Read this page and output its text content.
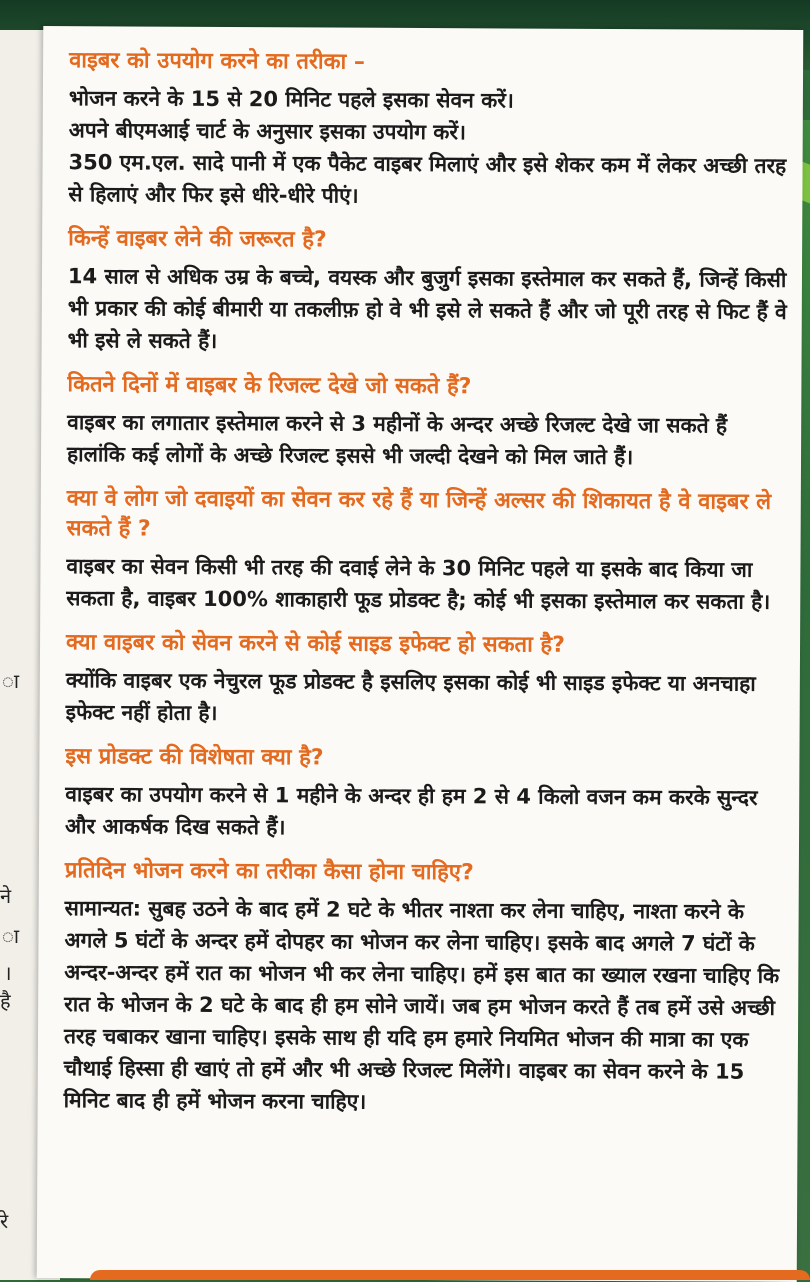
ा
ने
ा
।
है
रे

वाइबर को उपयोग करने का तरीका –

भोजन करने के 15 से 20 मिनिट पहले इसका सेवन करें।

अपने बीएमआई चार्ट के अनुसार इसका उपयोग करें।

350 एम.एल. सादे पानी में एक पैकेट वाइबर मिलाएं और इसे शेकर कम में लेकर अच्छी तरह से हिलाएं और फिर इसे धीरे-धीरे पीएं।

किन्हें वाइबर लेने की जरूरत है?

14 साल से अधिक उम्र के बच्चे, वयस्क और बुजुर्ग इसका इस्तेमाल कर सकते हैं, जिन्हें किसी भी प्रकार की कोई बीमारी या तकलीफ़ हो वे भी इसे ले सकते हैं और जो पूरी तरह से फिट हैं वे भी इसे ले सकते हैं।

कितने दिनों में वाइबर के रिजल्ट देखे जो सकते हैं?

वाइबर का लगातार इस्तेमाल करने से 3 महीनों के अन्दर अच्छे रिजल्ट देखे जा सकते हैं हालांकि कई लोगों के अच्छे रिजल्ट इससे भी जल्दी देखने को मिल जाते हैं।

क्या वे लोग जो दवाइयों का सेवन कर रहे हैं या जिन्हें अल्सर की शिकायत है वे वाइबर ले सकते हैं ?

वाइबर का सेवन किसी भी तरह की दवाई लेने के 30 मिनिट पहले या इसके बाद किया जा सकता है, वाइबर 100% शाकाहारी फूड प्रोडक्ट है; कोई भी इसका इस्तेमाल कर सकता है।

क्या वाइबर को सेवन करने से कोई साइड इफेक्ट हो सकता है?

क्योंकि वाइबर एक नेचुरल फूड प्रोडक्ट है इसलिए इसका कोई भी साइड इफेक्ट या अनचाहा इफेक्ट नहीं होता है।

इस प्रोडक्ट की विशेषता क्या है?

वाइबर का उपयोग करने से 1 महीने के अन्दर ही हम 2 से 4 किलो वजन कम करके सुन्दर और आकर्षक दिख सकते हैं।

प्रतिदिन भोजन करने का तरीका कैसा होना चाहिए?

सामान्यत: सुबह उठने के बाद हमें 2 घटे के भीतर नाश्ता कर लेना चाहिए, नाश्ता करने के अगले 5 घंटों के अन्दर हमें दोपहर का भोजन कर लेना चाहिए। इसके बाद अगले 7 घंटों के अन्दर-अन्दर हमें रात का भोजन भी कर लेना चाहिए। हमें इस बात का ख्याल रखना चाहिए कि रात के भोजन के 2 घटे के बाद ही हम सोने जायें। जब हम भोजन करते हैं तब हमें उसे अच्छी तरह चबाकर खाना चाहिए। इसके साथ ही यदि हम हमारे नियमित भोजन की मात्रा का एक चौथाई हिस्सा ही खाएं तो हमें और भी अच्छे रिजल्ट मिलेंगे। वाइबर का सेवन करने के 15 मिनिट बाद ही हमें भोजन करना चाहिए।
